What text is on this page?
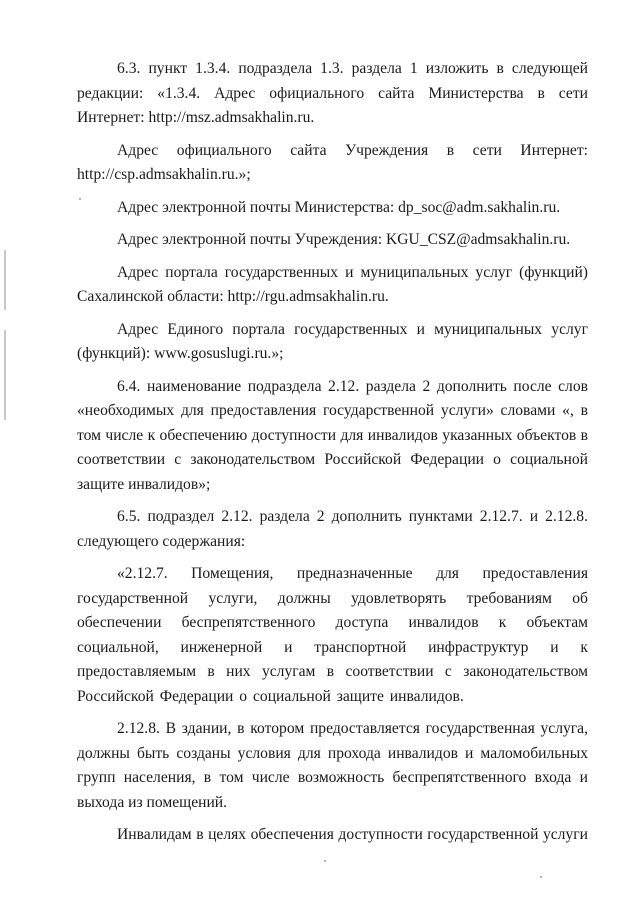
6.3. пункт 1.3.4. подраздела 1.3. раздела 1 изложить в следующей редакции: «1.3.4. Адрес официального сайта Министерства в сети Интернет: http://msz.admsakhalin.ru.

Адрес официального сайта Учреждения в сети Интернет: http://csp.admsakhalin.ru.»;

Адрес электронной почты Министерства: dp_soc@adm.sakhalin.ru.

Адрес электронной почты Учреждения: KGU_CSZ@admsakhalin.ru.

Адрес портала государственных и муниципальных услуг (функций) Сахалинской области: http://rgu.admsakhalin.ru.

Адрес Единого портала государственных и муниципальных услуг (функций): www.gosuslugi.ru.»;

6.4. наименование подраздела 2.12. раздела 2 дополнить после слов «необходимых для предоставления государственной услуги» словами «, в том числе к обеспечению доступности для инвалидов указанных объектов в соответствии с законодательством Российской Федерации о социальной защите инвалидов»;

6.5. подраздел 2.12. раздела 2 дополнить пунктами 2.12.7. и 2.12.8. следующего содержания:

«2.12.7. Помещения, предназначенные для предоставления государственной услуги, должны удовлетворять требованиям об обеспечении беспрепятственного доступа инвалидов к объектам социальной, инженерной и транспортной инфраструктур и к предоставляемым в них услугам в соответствии с законодательством Российской Федерации о социальной защите инвалидов.

2.12.8. В здании, в котором предоставляется государственная услуга, должны быть созданы условия для прохода инвалидов и маломобильных групп населения, в том числе возможность беспрепятственного входа и выхода из помещений.

Инвалидам в целях обеспечения доступности государственной услуги
